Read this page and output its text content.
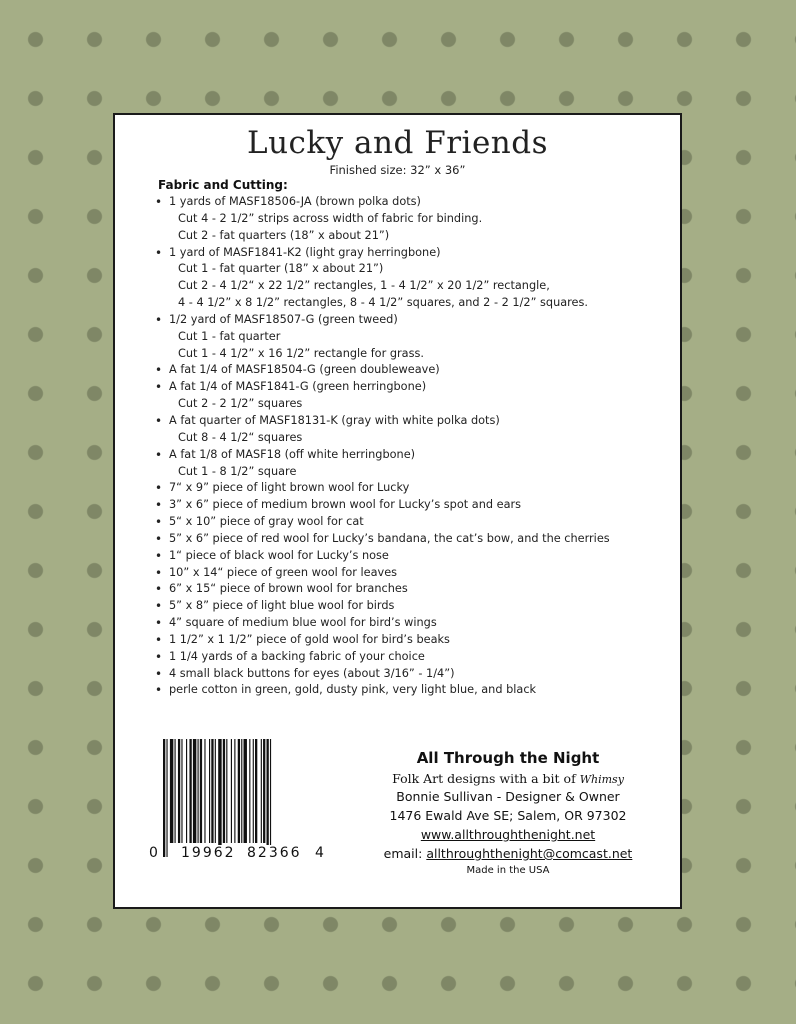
Lucky and Friends
Finished size: 32” x 36”
Fabric and Cutting:
• 1 yards of MASF18506-JA (brown polka dots)
Cut 4 - 2 1/2” strips across width of fabric for binding.
Cut 2 - fat quarters (18” x about 21”)
• 1 yard of MASF1841-K2 (light gray herringbone)
Cut 1 - fat quarter (18” x about 21”)
Cut 2 - 4 1/2“ x 22 1/2” rectangles, 1 - 4 1/2” x 20 1/2” rectangle,
4 - 4 1/2” x 8 1/2” rectangles, 8 - 4 1/2” squares, and 2 - 2 1/2” squares.
• 1/2 yard of MASF18507-G (green tweed)
Cut 1 - fat quarter
Cut 1 - 4 1/2” x 16 1/2” rectangle for grass.
• A fat 1/4 of MASF18504-G (green doubleweave)
• A fat 1/4 of MASF1841-G (green herringbone)
Cut 2 - 2 1/2” squares
• A fat quarter of MASF18131-K (gray with white polka dots)
Cut 8 - 4 1/2“ squares
• A fat 1/8 of MASF18 (off white herringbone)
Cut 1 - 8 1/2” square
• 7“ x 9” piece of light brown wool for Lucky
• 3” x 6” piece of medium brown wool for Lucky’s spot and ears
• 5“ x 10” piece of gray wool for cat
• 5” x 6” piece of red wool for Lucky’s bandana, the cat’s bow, and the cherries
• 1“ piece of black wool for Lucky’s nose
• 10” x 14“ piece of green wool for leaves
• 6” x 15“ piece of brown wool for branches
• 5” x 8” piece of light blue wool for birds
• 4” square of medium blue wool for bird’s wings
• 1 1/2” x 1 1/2” piece of gold wool for bird’s beaks
• 1 1/4 yards of a backing fabric of your choice
• 4 small black buttons for eyes (about 3/16” - 1/4”)
• perle cotton in green, gold, dusty pink, very light blue, and black
0 19962 82366 4
All Through the Night
Folk Art designs with a bit of Whimsy
Bonnie Sullivan - Designer & Owner
1476 Ewald Ave SE; Salem, OR 97302
www.allthroughthenight.net
email: allthroughthenight@comcast.net
Made in the USA
